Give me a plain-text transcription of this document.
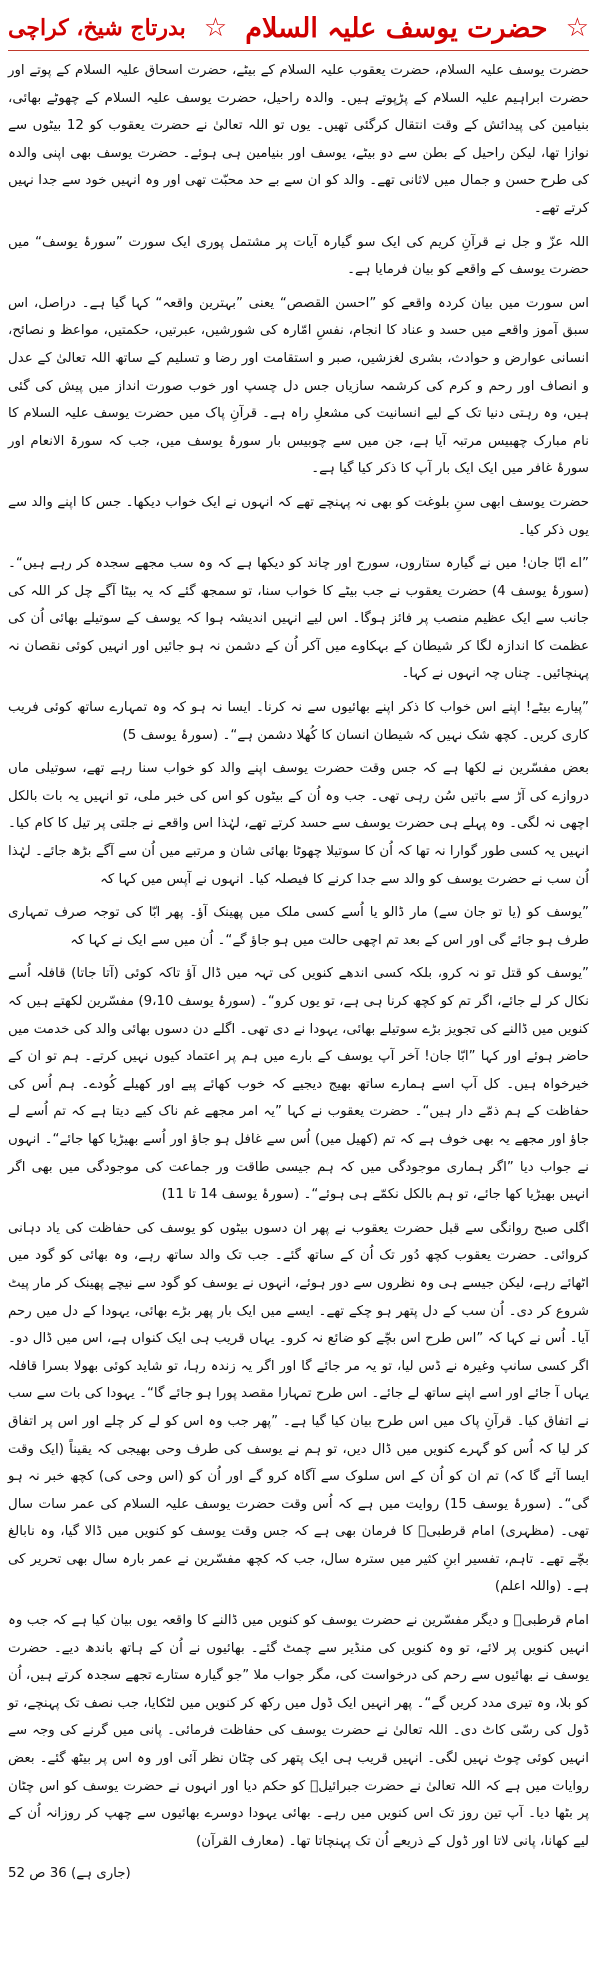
☆
حضرت یوسف علیہ السلام
☆
بدرتاج شیخ، کراچی

حضرت یوسف علیہ السلام، حضرت یعقوب علیہ السلام کے بیٹے، حضرت اسحاق علیہ السلام کے پوتے اور حضرت ابراہیم علیہ السلام کے پڑپوتے ہیں۔ والدہ راحیل، حضرت یوسف علیہ السلام کے چھوٹے بھائی، بنیامین کی پیدائش کے وقت انتقال کرگئی تھیں۔ یوں تو اللہ تعالیٰ نے حضرت یعقوب کو 12 بیٹوں سے نوازا تھا، لیکن راحیل کے بطن سے دو بیٹے، یوسف اور بنیامین ہی ہوئے۔ حضرت یوسف بھی اپنی والدہ کی طرح حسن و جمال میں لاثانی تھے۔ والد کو ان سے بے حد محبّت تھی اور وہ انہیں خود سے جدا نہیں کرتے تھے۔

اللہ عزّ و جل نے قرآنِ کریم کی ایک سو گیارہ آیات پر مشتمل پوری ایک سورت ”سورۂ یوسف“ میں حضرت یوسف کے واقعے کو بیان فرمایا ہے۔

اس سورت میں بیان کردہ واقعے کو ”احسن القصص“ یعنی ”بہترین واقعہ“ کہا گیا ہے۔ دراصل، اس سبق آموز واقعے میں حسد و عناد کا انجام، نفسِ امّارہ کی شورشیں، عبرتیں، حکمتیں، مواعظ و نصائح، انسانی عوارض و حوادث، بشری لغزشیں، صبر و استقامت اور رضا و تسلیم کے ساتھ اللہ تعالیٰ کے عدل و انصاف اور رحم و کرم کی کرشمہ سازیاں جس دل چسپ اور خوب صورت انداز میں پیش کی گئی ہیں، وہ رہتی دنیا تک کے لیے انسانیت کی مشعلِ راہ ہے۔ قرآنِ پاک میں حضرت یوسف علیہ السلام کا نام مبارک چھبیس مرتبہ آیا ہے، جن میں سے چوبیس بار سورۂ یوسف میں، جب کہ سورۃ الانعام اور سورۂ غافر میں ایک ایک بار آپ کا ذکر کیا گیا ہے۔

حضرت یوسف ابھی سنِ بلوغت کو بھی نہ پہنچے تھے کہ انہوں نے ایک خواب دیکھا۔ جس کا اپنے والد سے یوں ذکر کیا۔

”اے ابّا جان! میں نے گیارہ ستاروں، سورج اور چاند کو دیکھا ہے کہ وہ سب مجھے سجدہ کر رہے ہیں“۔ (سورۂ یوسف 4) حضرت یعقوب نے جب بیٹے کا خواب سنا، تو سمجھ گئے کہ یہ بیٹا آگے چل کر اللہ کی جانب سے ایک عظیم منصب پر فائز ہوگا۔ اس لیے انہیں اندیشہ ہوا کہ یوسف کے سوتیلے بھائی اُن کی عظمت کا اندازہ لگا کر شیطان کے بہکاوے میں آکر اُن کے دشمن نہ ہو جائیں اور انہیں کوئی نقصان نہ پہنچائیں۔ چناں چہ انہوں نے کہا۔

”پیارے بیٹے! اپنے اس خواب کا ذکر اپنے بھائیوں سے نہ کرنا۔ ایسا نہ ہو کہ وہ تمہارے ساتھ کوئی فریب کاری کریں۔ کچھ شک نہیں کہ شیطان انسان کا کُھلا دشمن ہے“۔ (سورۂ یوسف 5)

بعض مفسّرین نے لکھا ہے کہ جس وقت حضرت یوسف اپنے والد کو خواب سنا رہے تھے، سوتیلی ماں دروازے کی آڑ سے باتیں سُن رہی تھی۔ جب وہ اُن کے بیٹوں کو اس کی خبر ملی، تو انہیں یہ بات بالکل اچھی نہ لگی۔ وہ پہلے ہی حضرت یوسف سے حسد کرتے تھے، لہٰذا اس واقعے نے جلتی پر تیل کا کام کیا۔ انہیں یہ کسی طور گوارا نہ تھا کہ اُن کا سوتیلا چھوٹا بھائی شان و مرتبے میں اُن سے آگے بڑھ جائے۔ لہٰذا اُن سب نے حضرت یوسف کو والد سے جدا کرنے کا فیصلہ کیا۔ انہوں نے آپس میں کہا کہ

”یوسف کو (یا تو جان سے) مار ڈالو یا اُسے کسی ملک میں پھینک آؤ۔ پھر ابّا کی توجہ صرف تمہاری طرف ہو جائے گی اور اس کے بعد تم اچھی حالت میں ہو جاؤ گے“۔ اُن میں سے ایک نے کہا کہ

”یوسف کو قتل تو نہ کرو، بلکہ کسی اندھے کنویں کی تہہ میں ڈال آؤ تاکہ کوئی (آتا جاتا) قافلہ اُسے نکال کر لے جائے، اگر تم کو کچھ کرنا ہی ہے، تو یوں کرو“۔ (سورۂ یوسف 9،10) مفسّرین لکھتے ہیں کہ کنویں میں ڈالنے کی تجویز بڑے سوتیلے بھائی، یہودا نے دی تھی۔ اگلے دن دسوں بھائی والد کی خدمت میں حاضر ہوئے اور کہا ”ابّا جان! آخر آپ یوسف کے بارے میں ہم پر اعتماد کیوں نہیں کرتے۔ ہم تو ان کے خیرخواہ ہیں۔ کل آپ اسے ہمارے ساتھ بھیج دیجیے کہ خوب کھائے پیے اور کھیلے کُودے۔ ہم اُس کی حفاظت کے ہم ذمّے دار ہیں“۔ حضرت یعقوب نے کہا ”یہ امر مجھے غم ناک کیے دیتا ہے کہ تم اُسے لے جاؤ اور مجھے یہ بھی خوف ہے کہ تم (کھیل میں) اُس سے غافل ہو جاؤ اور اُسے بھیڑیا کھا جائے“۔ انہوں نے جواب دیا ”اگر ہماری موجودگی میں کہ ہم جیسی طاقت ور جماعت کی موجودگی میں بھی اگر انہیں بھیڑیا کھا جائے، تو ہم بالکل نکمّے ہی ہوئے“۔ (سورۂ یوسف 14 تا 11)

اگلی صبح روانگی سے قبل حضرت یعقوب نے پھر ان دسوں بیٹوں کو یوسف کی حفاظت کی یاد دہانی کروائی۔ حضرت یعقوب کچھ دُور تک اُن کے ساتھ گئے۔ جب تک والد ساتھ رہے، وہ بھائی کو گود میں اٹھائے رہے، لیکن جیسے ہی وہ نظروں سے دور ہوئے، انہوں نے یوسف کو گود سے نیچے پھینک کر مار پیٹ شروع کر دی۔ اُن سب کے دل پتھر ہو چکے تھے۔ ایسے میں ایک بار پھر بڑے بھائی، یہودا کے دل میں رحم آیا۔ اُس نے کہا کہ ”اس طرح اس بچّے کو ضائع نہ کرو۔ یہاں قریب ہی ایک کنواں ہے، اس میں ڈال دو۔ اگر کسی سانپ وغیرہ نے ڈس لیا، تو یہ مر جائے گا اور اگر یہ زندہ رہا، تو شاید کوئی بھولا بسرا قافلہ یہاں آ جائے اور اسے اپنے ساتھ لے جائے۔ اس طرح تمہارا مقصد پورا ہو جائے گا“۔ یہودا کی بات سے سب نے اتفاق کیا۔ قرآنِ پاک میں اس طرح بیان کیا گیا ہے۔ ”پھر جب وہ اس کو لے کر چلے اور اس پر اتفاق کر لیا کہ اُس کو گہرے کنویں میں ڈال دیں، تو ہم نے یوسف کی طرف وحی بھیجی کہ یقیناً (ایک وقت ایسا آئے گا کہ) تم ان کو اُن کے اس سلوک سے آگاہ کرو گے اور اُن کو (اس وحی کی) کچھ خبر نہ ہو گی“۔ (سورۂ یوسف 15) روایت میں ہے کہ اُس وقت حضرت یوسف علیہ السلام کی عمر سات سال تھی۔ (مظہری) امام قرطبیؒ کا فرمان بھی ہے کہ جس وقت یوسف کو کنویں میں ڈالا گیا، وہ نابالغ بچّے تھے۔ تاہم، تفسیر ابنِ کثیر میں سترہ سال، جب کہ کچھ مفسّرین نے عمر بارہ سال بھی تحریر کی ہے۔ (واللہ اعلم)

امام قرطبیؒ و دیگر مفسّرین نے حضرت یوسف کو کنویں میں ڈالنے کا واقعہ یوں بیان کیا ہے کہ جب وہ انہیں کنویں پر لائے، تو وہ کنویں کی منڈیر سے چمٹ گئے۔ بھائیوں نے اُن کے ہاتھ باندھ دیے۔ حضرت یوسف نے بھائیوں سے رحم کی درخواست کی، مگر جواب ملا ”جو گیارہ ستارے تجھے سجدہ کرتے ہیں، اُن کو بلا، وہ تیری مدد کریں گے“۔ پھر انہیں ایک ڈول میں رکھ کر کنویں میں لٹکایا، جب نصف تک پہنچے، تو ڈول کی رسّی کاٹ دی۔ اللہ تعالیٰ نے حضرت یوسف کی حفاظت فرمائی۔ پانی میں گرنے کی وجہ سے انہیں کوئی چوٹ نہیں لگی۔ انہیں قریب ہی ایک پتھر کی چٹان نظر آئی اور وہ اس پر بیٹھ گئے۔ بعض روایات میں ہے کہ اللہ تعالیٰ نے حضرت جبرائیلؑ کو حکم دیا اور انہوں نے حضرت یوسف کو اس چٹان پر بٹھا دیا۔ آپ تین روز تک اس کنویں میں رہے۔ بھائی یہودا دوسرے بھائیوں سے چھپ کر روزانہ اُن کے لیے کھانا، پانی لاتا اور ڈول کے ذریعے اُن تک پہنچاتا تھا۔ (معارف القرآن)

(جاری ہے) 36 ص 52
